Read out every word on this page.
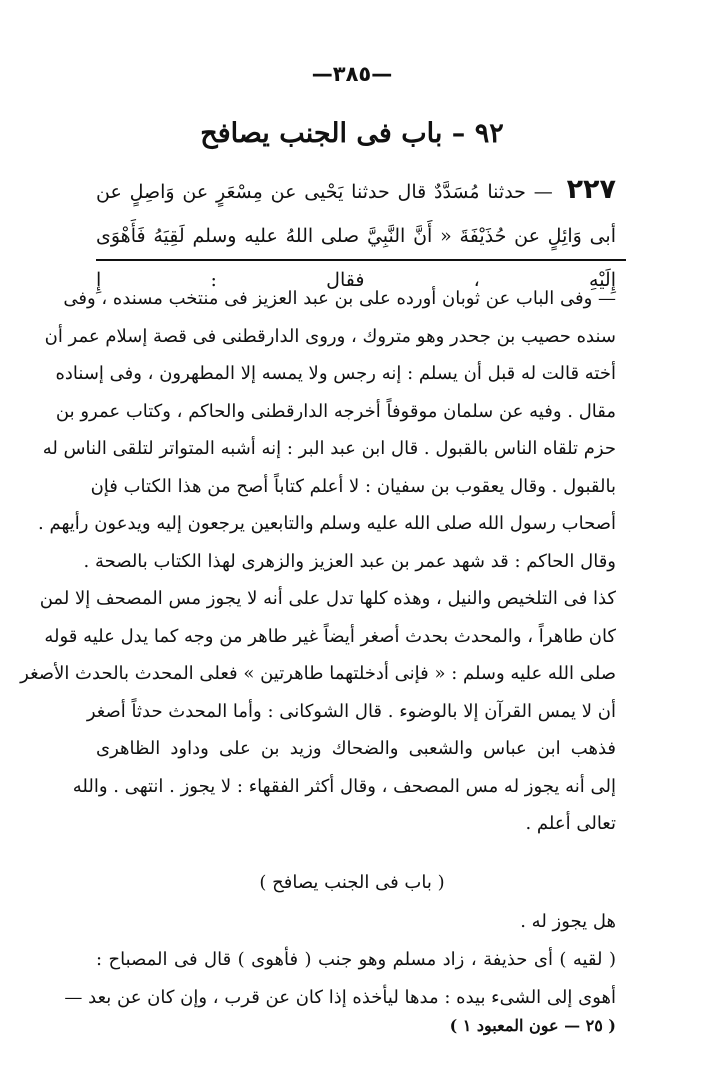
—٣٨٥—
٩٢ – باب فى الجنب يصافح
٢٢٧ — حدثنا مُسَدَّدٌ قال حدثنا يَحْيى عن مِسْعَرٍ عن وَاصِلٍ عن أبى وَائِلٍ عن حُذَيْفَةَ « أَنَّ النَّبِيَّ صلى اللهُ عليه وسلم لَقِيَهُ فَأَهْوَى إِلَيْهِ ، فقال : إِ

— وفى الباب عن ثوبان أورده على بن عبد العزيز فى منتخب مسنده ، وفى

سنده حصيب بن جحدر وهو متروك ، وروى الدارقطنى فى قصة إسلام عمر أن

أخته قالت له قبل أن يسلم : إنه رجس ولا يمسه إلا المطهرون ، وفى إسناده

مقال . وفيه عن سلمان موقوفاً أخرجه الدارقطنى والحاكم ، وكتاب عمرو بن

حزم تلقاه الناس بالقبول . قال ابن عبد البر : إنه أشبه المتواتر لتلقى الناس له

بالقبول . وقال يعقوب بن سفيان : لا أعلم كتاباً أصح من هذا الكتاب فإن

أصحاب رسول الله صلى الله عليه وسلم والتابعين يرجعون إليه ويدعون رأيهم .

وقال الحاكم : قد شهد عمر بن عبد العزيز والزهرى لهذا الكتاب بالصحة .

كذا فى التلخيص والنيل ، وهذه كلها تدل على أنه لا يجوز مس المصحف إلا لمن

كان طاهراً ، والمحدث بحدث أصغر أيضاً غير طاهر من وجه كما يدل عليه قوله

صلى الله عليه وسلم : « فإنى أدخلتهما طاهرتين » فعلى المحدث بالحدث الأصغر

أن لا يمس القرآن إلا بالوضوء . قال الشوكانى : وأما المحدث حدثاً أصغر

فذهب ابن عباس والشعبى والضحاك وزيد بن على وداود الظاهرى

إلى أنه يجوز له مس المصحف ، وقال أكثر الفقهاء : لا يجوز . انتهى . والله

تعالى أعلم .

( باب فى الجنب يصافح )

هل يجوز له .

( لقيه ) أى حذيفة ، زاد مسلم وهو جنب ( فأهوى ) قال فى المصباح :

أهوى إلى الشىء بيده : مدها ليأخذه إذا كان عن قرب ، وإن كان عن بعد —

( ٢٥ — عون المعبود ١ )
